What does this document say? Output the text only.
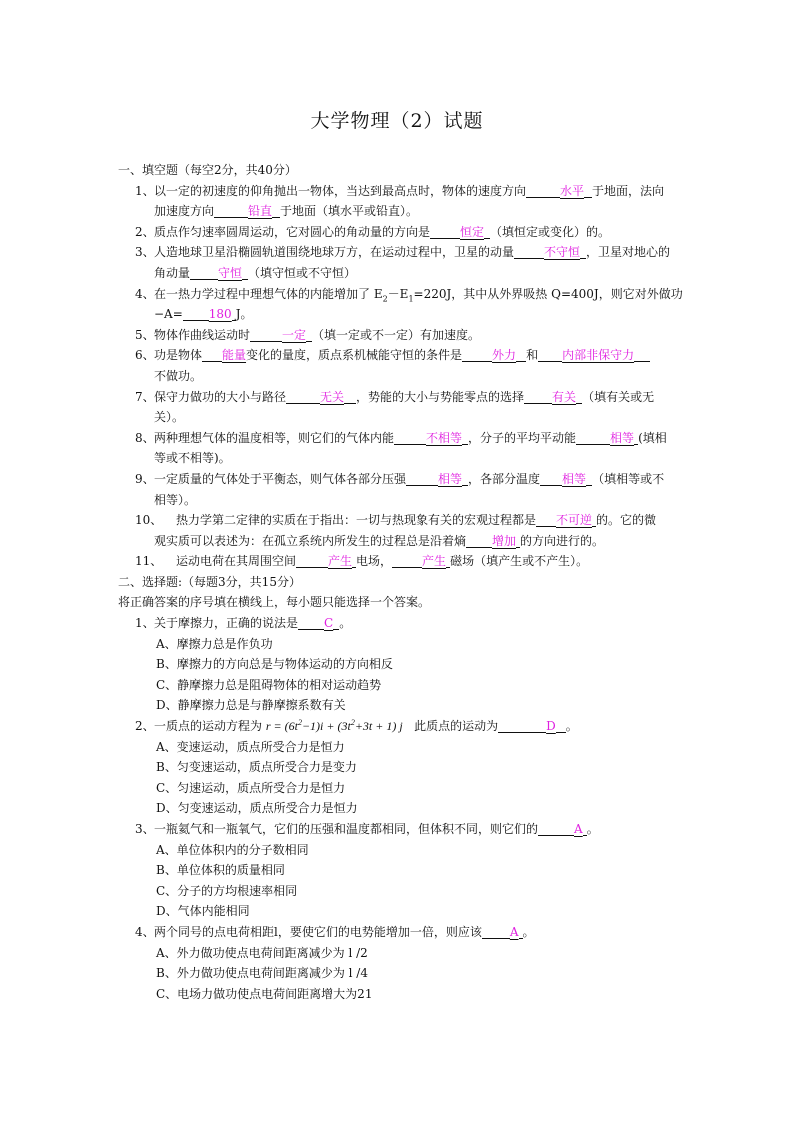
大学物理（2）试题
一、填空题（每空2分，共40分）
1、 以一定的初速度的仰角抛出一物体，当达到最高点时，物体的速度方向	水平 于地面，法向
加速度方向	铅直 于地面（填水平或铅直）。
2、 质点作匀速率圆周运动，它对圆心的角动量的方向是	恒定 （填恒定或变化）的。
3、 人造地球卫星沿椭圆轨道围绕地球万方，在运动过程中，卫星的动量	不守恒 ，卫星对地心的
角动量 守恒 （填守恒或不守恒）
4、 在一热力学过程中理想气体的内能增加了 $E_2-E_1=220J$，其中从外界吸热 Q=400J，则它对外做功
−A= 180 J。
5、 物体作曲线运动时	一定 （填一定或不一定）有加速度。
6、 功是物体 能量变化的量度，质点系机械能守恒的条件是	外力 和 内部非保守力
不做功。
7、 保守力做功的大小与路径	无关 ，势能的大小与势能零点的选择 有关 （填有关或无
关）。
8、 两种理想气体的温度相等，则它们的气体内能	不相等 ，分子的平均平动能	相等 (填相
等或不相等)。
9、 一定质量的气体处于平衡态，则气体各部分压强	相等 ，各部分温度 相等 （填相等或不
相等）。
10、 热力学第二定律的实质在于指出：一切与热现象有关的宏观过程都是 不可逆 的。它的微
观实质可以表述为：在孤立系统内所发生的过程总是沿着熵 增加 的方向进行的。
11、 运动电荷在其周围空间	产生 电场，	产生 磁场（填产生或不产生）。
二、选择题:（每题3分，共15分）
将正确答案的序号填在横线上，每小题只能选择一个答案。
1、 关于摩擦力，正确的说法是 C 。
A、摩擦力总是作负功
B、摩擦力的方向总是与物体运动的方向相反
C、静摩擦力总是阻碍物体的相对运动趋势
D、静摩擦力总是与静摩擦系数有关
2、 一质点的运动方程为 $r = (6t^2-1)i + (3t^2+3t + 1)$ j 此质点的运动为	D 。
A、变速运动，质点所受合力是恒力
B、匀变速运动，质点所受合力是变力
C、匀速运动，质点所受合力是恒力
D、匀变速运动，质点所受合力是恒力
3、 一瓶氦气和一瓶氧气，它们的压强和温度都相同，但体积不同，则它们的	A 。
A、单位体积内的分子数相同
B、单位体积的质量相同
C、分子的方均根速率相同
D、气体内能相同
4、 两个同号的点电荷相距l，要使它们的电势能增加一倍，则应该 A 。
A、外力做功使点电荷间距离减少为 l /2
B、外力做功使点电荷间距离减少为 l /4
C、电场力做功使点电荷间距离增大为21
